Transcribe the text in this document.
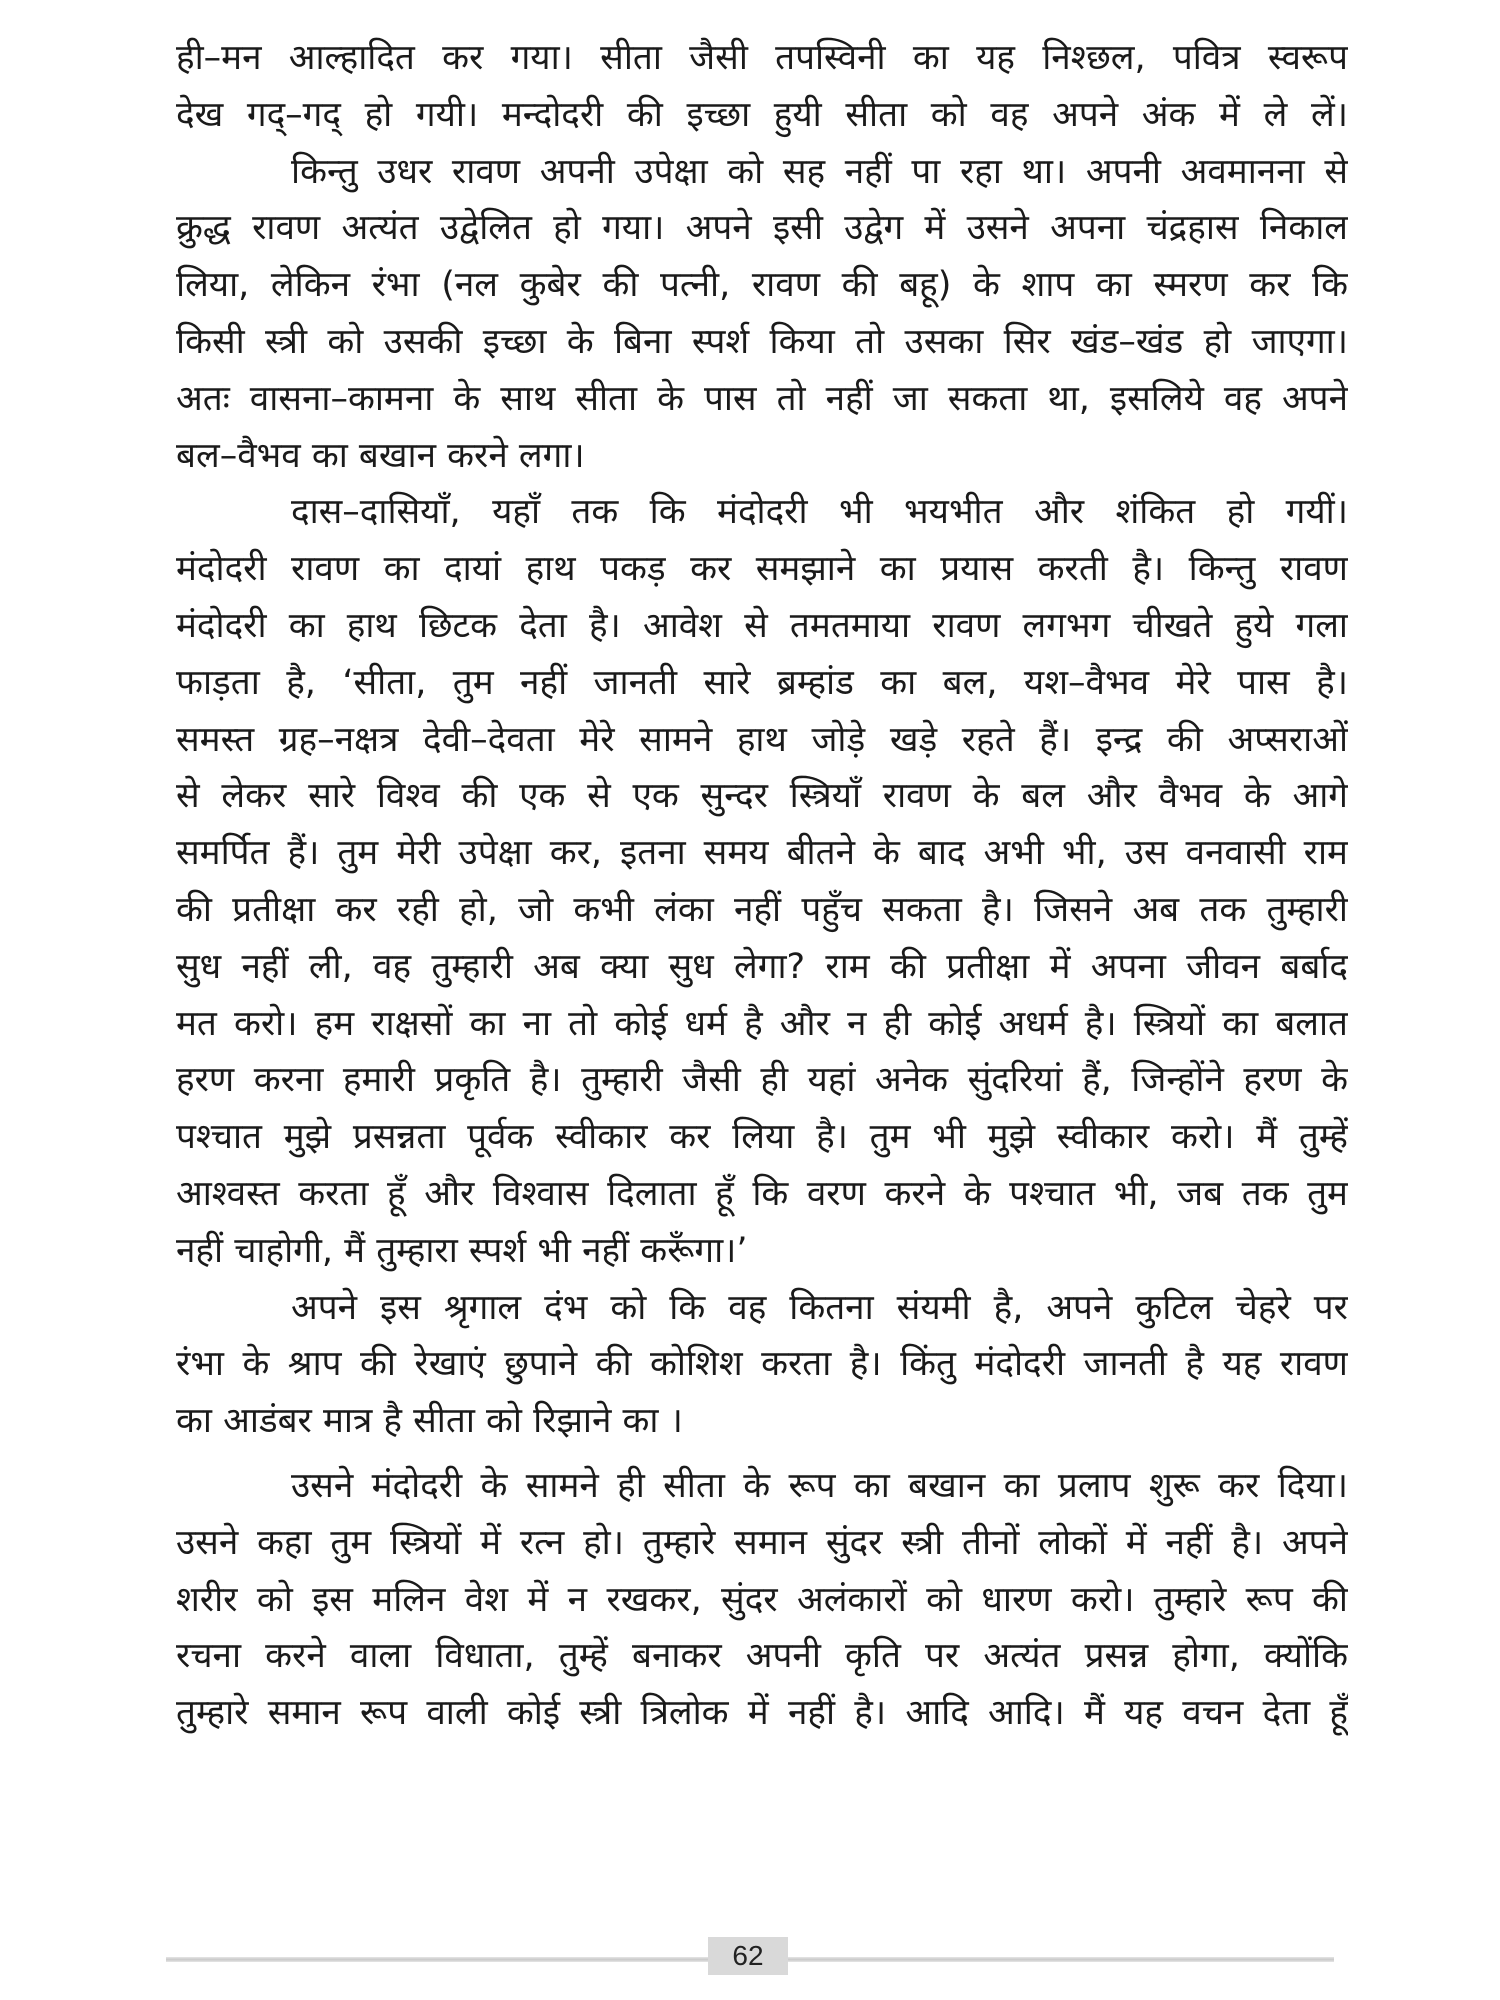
ही–मन आल्हादित कर गया। सीता जैसी तपस्विनी का यह निश्छल, पवित्र स्वरूप
देख गद्–गद् हो गयी। मन्दोदरी की इच्छा हुयी सीता को वह अपने अंक में ले लें।
किन्तु उधर रावण अपनी उपेक्षा को सह नहीं पा रहा था। अपनी अवमानना से
क्रुद्ध रावण अत्यंत उद्वेलित हो गया। अपने इसी उद्वेग में उसने अपना चंद्रहास निकाल
लिया, लेकिन रंभा (नल कुबेर की पत्नी, रावण की बहू) के शाप का स्मरण कर कि
किसी स्त्री को उसकी इच्छा के बिना स्पर्श किया तो उसका सिर खंड–खंड हो जाएगा।
अतः वासना–कामना के साथ सीता के पास तो नहीं जा सकता था, इसलिये वह अपने
बल–वैभव का बखान करने लगा।
दास–दासियाँ, यहाँ तक कि मंदोदरी भी भयभीत और शंकित हो गयीं।
मंदोदरी रावण का दायां हाथ पकड़ कर समझाने का प्रयास करती है। किन्तु रावण
मंदोदरी का हाथ छिटक देता है। आवेश से तमतमाया रावण लगभग चीखते हुये गला
फाड़ता है, ‘सीता, तुम नहीं जानती सारे ब्रम्हांड का बल, यश–वैभव मेरे पास है।
समस्त ग्रह–नक्षत्र देवी–देवता मेरे सामने हाथ जोड़े खड़े रहते हैं। इन्द्र की अप्सराओं
से लेकर सारे विश्व की एक से एक सुन्दर स्त्रियाँ रावण के बल और वैभव के आगे
समर्पित हैं। तुम मेरी उपेक्षा कर, इतना समय बीतने के बाद अभी भी, उस वनवासी राम
की प्रतीक्षा कर रही हो, जो कभी लंका नहीं पहुँच सकता है। जिसने अब तक तुम्हारी
सुध नहीं ली, वह तुम्हारी अब क्या सुध लेगा? राम की प्रतीक्षा में अपना जीवन बर्बाद
मत करो। हम राक्षसों का ना तो कोई धर्म है और न ही कोई अधर्म है। स्त्रियों का बलात
हरण करना हमारी प्रकृति है। तुम्हारी जैसी ही यहां अनेक सुंदरियां हैं, जिन्होंने हरण के
पश्चात मुझे प्रसन्नता पूर्वक स्वीकार कर लिया है। तुम भी मुझे स्वीकार करो। मैं तुम्हें
आश्वस्त करता हूँ और विश्वास दिलाता हूँ कि वरण करने के पश्चात भी, जब तक तुम
नहीं चाहोगी, मैं तुम्हारा स्पर्श भी नहीं करूँगा।’
अपने इस श्रृगाल दंभ को कि वह कितना संयमी है, अपने कुटिल चेहरे पर
रंभा के श्राप की रेखाएं छुपाने की कोशिश करता है। किंतु मंदोदरी जानती है यह रावण
का आडंबर मात्र है सीता को रिझाने का ।
उसने मंदोदरी के सामने ही सीता के रूप का बखान का प्रलाप शुरू कर दिया।
उसने कहा तुम स्त्रियों में रत्न हो। तुम्हारे समान सुंदर स्त्री तीनों लोकों में नहीं है। अपने
शरीर को इस मलिन वेश में न रखकर, सुंदर अलंकारों को धारण करो। तुम्हारे रूप की
रचना करने वाला विधाता, तुम्हें बनाकर अपनी कृति पर अत्यंत प्रसन्न होगा, क्योंकि
तुम्हारे समान रूप वाली कोई स्त्री त्रिलोक में नहीं है। आदि आदि। मैं यह वचन देता हूँ
62
